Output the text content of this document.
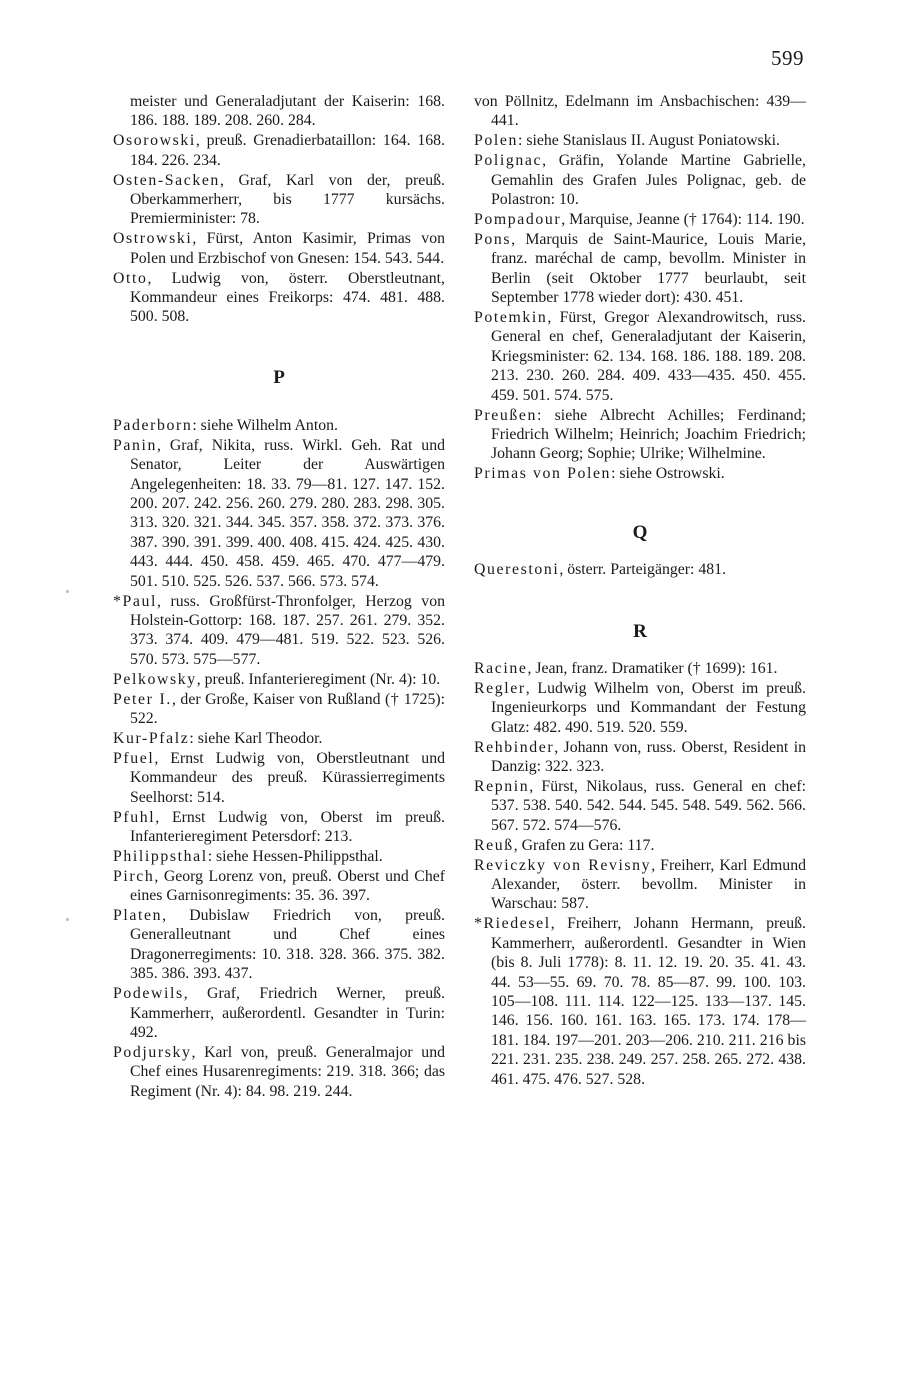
599
meister und Generaladjutant der Kaiserin: 168. 186. 188. 189. 208. 260. 284.
Osorowski, preuß. Grenadierbataillon: 164. 168. 184. 226. 234.
Osten-Sacken, Graf, Karl von der, preuß. Oberkammerherr, bis 1777 kursächs. Premierminister: 78.
Ostrowski, Fürst, Anton Kasimir, Primas von Polen und Erzbischof von Gnesen: 154. 543. 544.
Otto, Ludwig von, österr. Oberstleutnant, Kommandeur eines Freikorps: 474. 481. 488. 500. 508.
P
Paderborn: siehe Wilhelm Anton.
Panin, Graf, Nikita, russ. Wirkl. Geh. Rat und Senator, Leiter der Auswärtigen Angelegenheiten: 18. 33. 79—81. 127. 147. 152. 200. 207. 242. 256. 260. 279. 280. 283. 298. 305. 313. 320. 321. 344. 345. 357. 358. 372. 373. 376. 387. 390. 391. 399. 400. 408. 415. 424. 425. 430. 443. 444. 450. 458. 459. 465. 470. 477—479. 501. 510. 525. 526. 537. 566. 573. 574.
*Paul, russ. Großfürst-Thronfolger, Herzog von Holstein-Gottorp: 168. 187. 257. 261. 279. 352. 373. 374. 409. 479—481. 519. 522. 523. 526. 570. 573. 575—577.
Pelkowsky, preuß. Infanterieregiment (Nr. 4): 10.
Peter I., der Große, Kaiser von Rußland († 1725): 522.
Kur-Pfalz: siehe Karl Theodor.
Pfuel, Ernst Ludwig von, Oberstleutnant und Kommandeur des preuß. Kürassierregiments Seelhorst: 514.
Pfuhl, Ernst Ludwig von, Oberst im preuß. Infanterieregiment Petersdorf: 213.
Philippsthal: siehe Hessen-Philippsthal.
Pirch, Georg Lorenz von, preuß. Oberst und Chef eines Garnisonregiments: 35. 36. 397.
Platen, Dubislaw Friedrich von, preuß. Generalleutnant und Chef eines Dragonerregiments: 10. 318. 328. 366. 375. 382. 385. 386. 393. 437.
Podewils, Graf, Friedrich Werner, preuß. Kammerherr, außerordentl. Gesandter in Turin: 492.
Podjursky, Karl von, preuß. Generalmajor und Chef eines Husarenregiments: 219. 318. 366; das Regiment (Nr. 4): 84. 98. 219. 244.
von Pöllnitz, Edelmann im Ansbachischen: 439—441.
Polen: siehe Stanislaus II. August Poniatowski.
Polignac, Gräfin, Yolande Martine Gabrielle, Gemahlin des Grafen Jules Polignac, geb. de Polastron: 10.
Pompadour, Marquise, Jeanne († 1764): 114. 190.
Pons, Marquis de Saint-Maurice, Louis Marie, franz. maréchal de camp, bevollm. Minister in Berlin (seit Oktober 1777 beurlaubt, seit September 1778 wieder dort): 430. 451.
Potemkin, Fürst, Gregor Alexandrowitsch, russ. General en chef, Generaladjutant der Kaiserin, Kriegsminister: 62. 134. 168. 186. 188. 189. 208. 213. 230. 260. 284. 409. 433—435. 450. 455. 459. 501. 574. 575.
Preußen: siehe Albrecht Achilles; Ferdinand; Friedrich Wilhelm; Heinrich; Joachim Friedrich; Johann Georg; Sophie; Ulrike; Wilhelmine.
Primas von Polen: siehe Ostrowski.
Q
Querestoni, österr. Parteigänger: 481.
R
Racine, Jean, franz. Dramatiker († 1699): 161.
Regler, Ludwig Wilhelm von, Oberst im preuß. Ingenieurkorps und Kommandant der Festung Glatz: 482. 490. 519. 520. 559.
Rehbinder, Johann von, russ. Oberst, Resident in Danzig: 322. 323.
Repnin, Fürst, Nikolaus, russ. General en chef: 537. 538. 540. 542. 544. 545. 548. 549. 562. 566. 567. 572. 574—576.
Reuß, Grafen zu Gera: 117.
Reviczky von Revisny, Freiherr, Karl Edmund Alexander, österr. bevollm. Minister in Warschau: 587.
*Riedesel, Freiherr, Johann Hermann, preuß. Kammerherr, außerordentl. Gesandter in Wien (bis 8. Juli 1778): 8. 11. 12. 19. 20. 35. 41. 43. 44. 53—55. 69. 70. 78. 85—87. 99. 100. 103. 105—108. 111. 114. 122—125. 133—137. 145. 146. 156. 160. 161. 163. 165. 173. 174. 178—181. 184. 197—201. 203—206. 210. 211. 216 bis 221. 231. 235. 238. 249. 257. 258. 265. 272. 438. 461. 475. 476. 527. 528.
